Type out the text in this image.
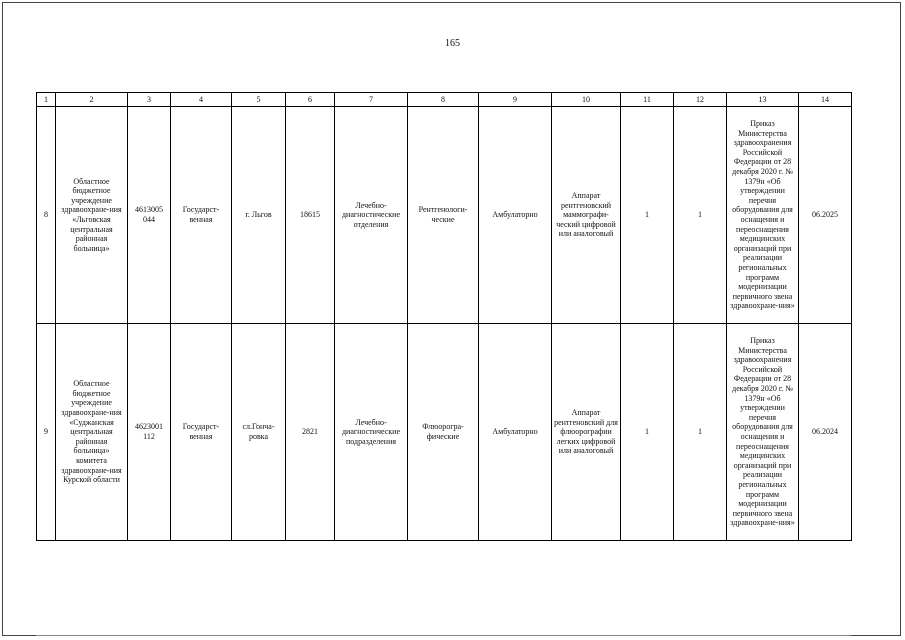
165
1	2	3	4	5	6	7	8	9	10	11	12	13	14
8	Областное бюджетное учреждение здравоохране-ния «Льговская центральная районная больница»	4613005 044	Государст-венная	г. Льгов	18615	Лечебно-диагностические отделения	Рентгенологи-ческие	Амбулаторно	Аппарат рентгеновский маммографи-ческий цифровой или аналоговый	1	1	Приказ Министерства здравоохранения Российской Федерации от 28 декабря 2020 г. № 1379н «Об утверждении перечня оборудования для оснащения и переоснащения медицинских организаций при реализации региональных программ модернизации первичного звена здравоохране-ния»	06.2025
9	Областное бюджетное учреждение здравоохране-ния «Суджанская центральная районная больница» комитета здравоохране-ния Курской области	4623001 112	Государст-венная	сл.Гонча-ровка	2821	Лечебно-диагностические подразделения	Флюорогра-фические	Амбулаторно	Аппарат рентгеновский для флюорографии легких цифровой или аналоговый	1	1	Приказ Министерства здравоохранения Российской Федерации от 28 декабря 2020 г. № 1379н «Об утверждении перечня оборудования для оснащения и переоснащения медицинских организаций при реализации региональных программ модернизации первичного звена здравоохране-ния»	06.2024
